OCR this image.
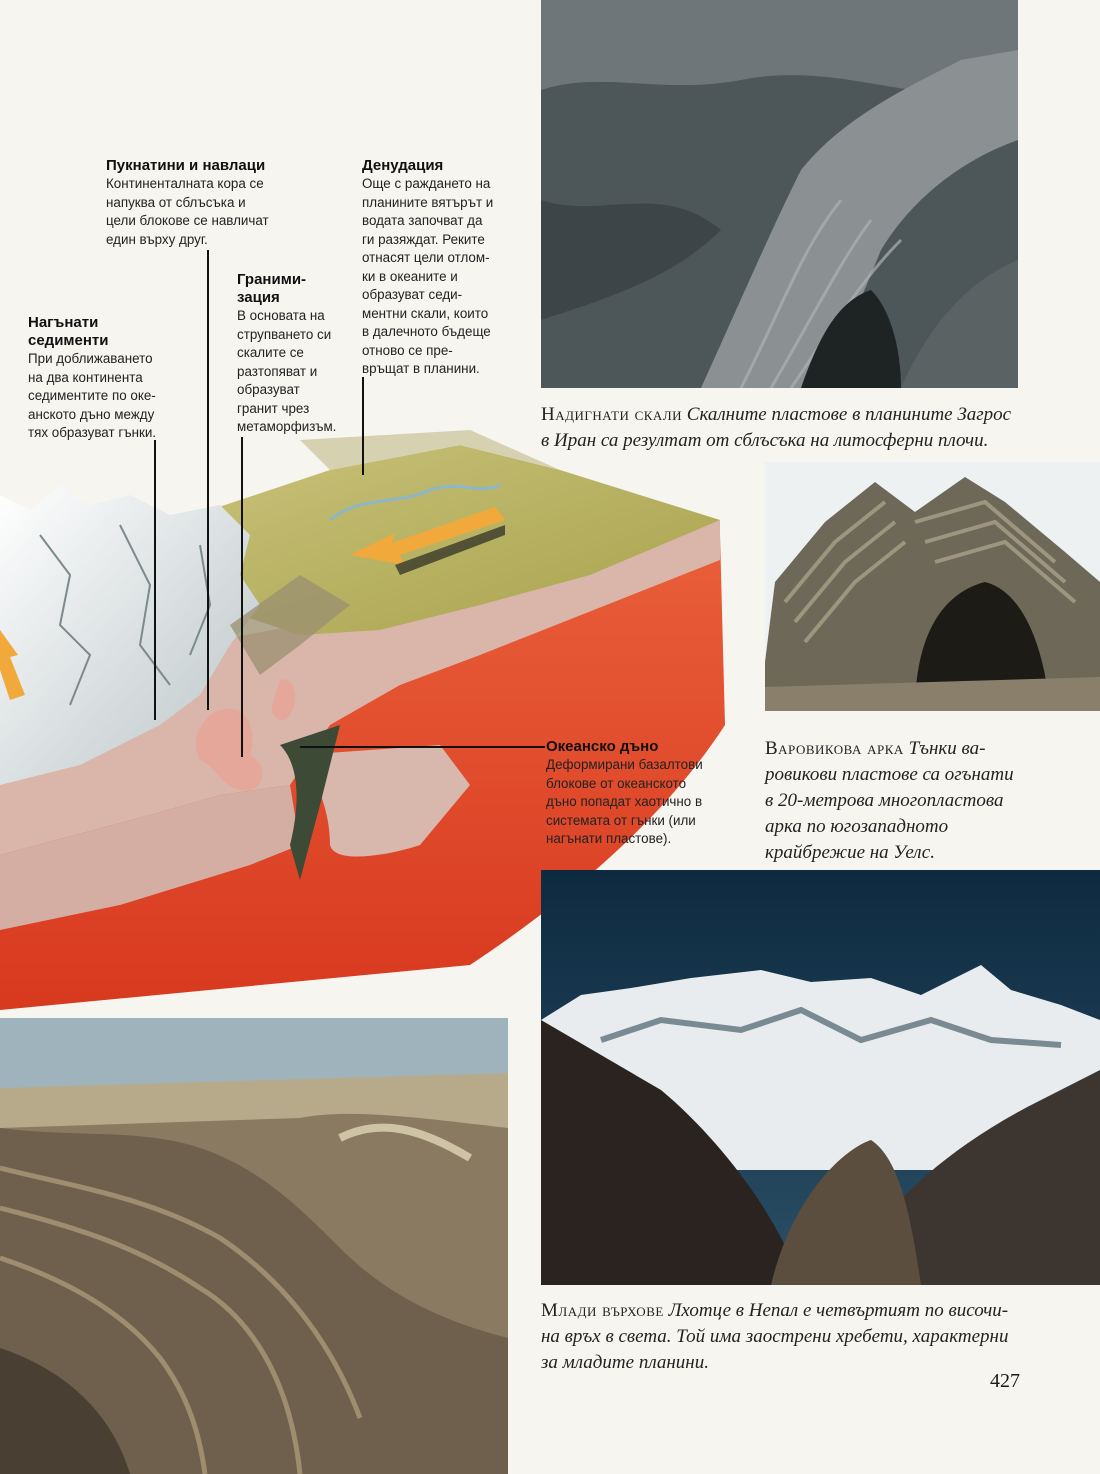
Пукнатини и навлаци
Континенталната кора се
напуква от сблъсъка и
цели блокове се навличат
един върху друг.
Денудация
Още с раждането на
планините вятърът и
водата започват да
ги разяждат. Реките
отнасят цели отлом-
ки в океаните и
образуват седи-
ментни скали, които
в далечното бъдеще
отново се пре-
връщат в планини.
Граними-
зация
В основата на
струпването си
скалите се
разтопяват и
образуват
гранит чрез
метаморфизъм.
Нагънати
седименти
При доближаването
на два континента
седиментите по оке-
анското дъно между
тях образуват гънки.
Океанско дъно
Деформирани базалтови
блокове от океанското
дъно попадат хаотично в
системата от гънки (или
нагънати пластове).
Надигнати скали Скалните пластове в планините Загрос
в Иран са резултат от сблъсъка на литосферни плочи.
Варовикова арка Тънки ва-
ровикови пластове са огънати
в 20-метрова многопластова
арка по югозападното
крайбрежие на Уелс.
Млади върхове Лхотце в Непал е четвъртият по височи-
на връх в света. Той има заострени хребети, характерни
за младите планини.
427
